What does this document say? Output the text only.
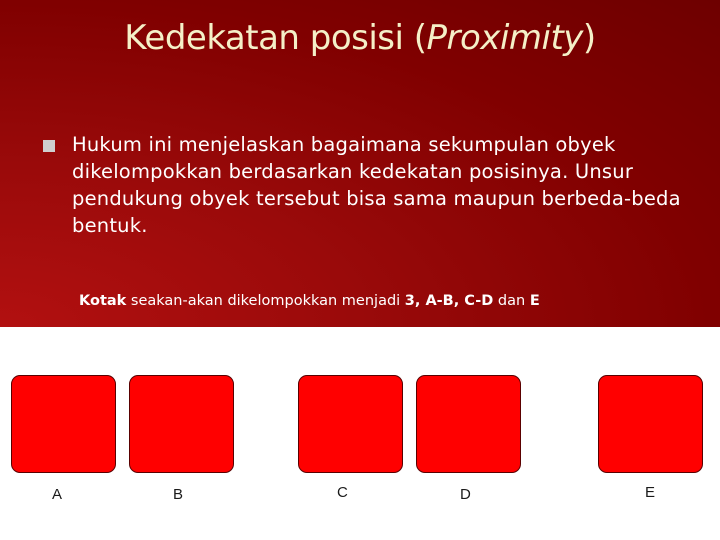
Kedekatan posisi (Proximity)
Hukum ini menjelaskan bagaimana sekumpulan obyek dikelompokkan berdasarkan kedekatan posisinya. Unsur pendukung obyek tersebut bisa sama maupun berbeda-beda bentuk.
Kotak seakan-akan dikelompokkan menjadi 3, A-B, C-D dan E
A	B	C	D	E
